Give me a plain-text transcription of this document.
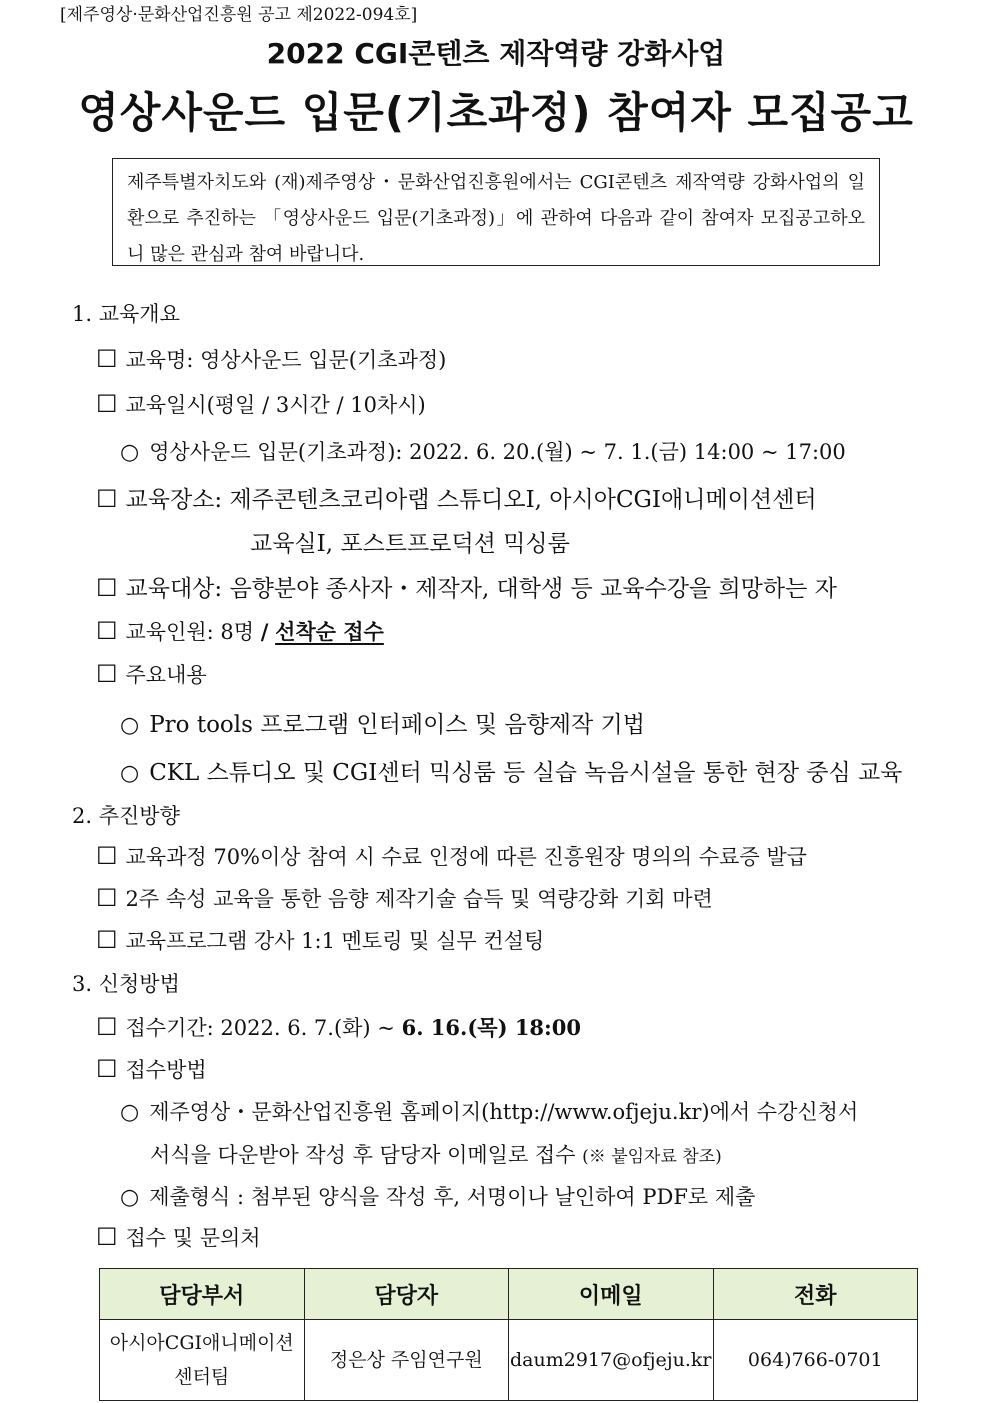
[제주영상·문화산업진흥원 공고 제2022-094호]
2022 CGI콘텐츠 제작역량 강화사업
영상사운드 입문(기초과정) 참여자 모집공고
제주특별자치도와 (재)제주영상・문화산업진흥원에서는 CGI콘텐츠 제작역량 강화사업의 일환으로 추진하는 「영상사운드 입문(기초과정)」에 관하여 다음과 같이 참여자 모집공고하오니 많은 관심과 참여 바랍니다.
1. 교육개요
☐ 교육명: 영상사운드 입문(기초과정)
☐ 교육일시(평일 / 3시간 / 10차시)
○ 영상사운드 입문(기초과정): 2022. 6. 20.(월) ~ 7. 1.(금) 14:00 ~ 17:00
☐ 교육장소: 제주콘텐츠코리아랩 스튜디오Ⅰ, 아시아CGI애니메이션센터
교육실Ⅰ, 포스트프로덕션 믹싱룸
☐ 교육대상: 음향분야 종사자・제작자, 대학생 등 교육수강을 희망하는 자
☐ 교육인원: 8명 / 선착순 접수
☐ 주요내용
○ Pro tools 프로그램 인터페이스 및 음향제작 기법
○ CKL 스튜디오 및 CGI센터 믹싱룸 등 실습 녹음시설을 통한 현장 중심 교육
2. 추진방향
☐ 교육과정 70%이상 참여 시 수료 인정에 따른 진흥원장 명의의 수료증 발급
☐ 2주 속성 교육을 통한 음향 제작기술 습득 및 역량강화 기회 마련
☐ 교육프로그램 강사 1:1 멘토링 및 실무 컨설팅
3. 신청방법
☐ 접수기간: 2022. 6. 7.(화) ~ 6. 16.(목) 18:00
☐ 접수방법
○ 제주영상・문화산업진흥원 홈페이지(http://www.ofjeju.kr)에서 수강신청서
서식을 다운받아 작성 후 담당자 이메일로 접수 (※ 붙임자료 참조)
○ 제출형식 : 첨부된 양식을 작성 후, 서명이나 날인하여 PDF로 제출
☐ 접수 및 문의처
담당부서	담당자	이메일	전화

아시아CGI애니메이션
센터팀	정은상 주임연구원	daum2917@ofjeju.kr	064)766-0701
